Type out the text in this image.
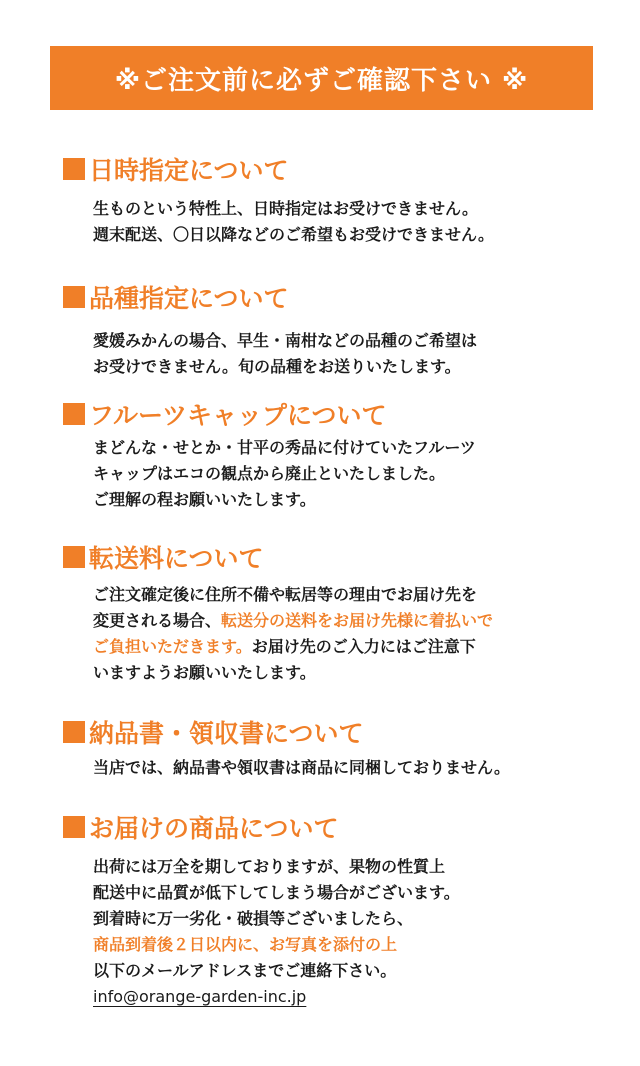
※ご注文前に必ずご確認下さい ※
日時指定について
生ものという特性上、日時指定はお受けできません。
週末配送、〇日以降などのご希望もお受けできません。
品種指定について
愛媛みかんの場合、早生・南柑などの品種のご希望は
お受けできません。旬の品種をお送りいたします。
フルーツキャップについて
まどんな・せとか・甘平の秀品に付けていたフルーツ
キャップはエコの観点から廃止といたしました。
ご理解の程お願いいたします。
転送料について
ご注文確定後に住所不備や転居等の理由でお届け先を
変更される場合、転送分の送料をお届け先様に着払いで
ご負担いただきます。お届け先のご入力にはご注意下
いますようお願いいたします。
納品書・領収書について
当店では、納品書や領収書は商品に同梱しておりません。
お届けの商品について
出荷には万全を期しておりますが、果物の性質上
配送中に品質が低下してしまう場合がございます。
到着時に万一劣化・破損等ございましたら、
商品到着後２日以内に、お写真を添付の上
以下のメールアドレスまでご連絡下さい。
info@orange-garden-inc.jp
